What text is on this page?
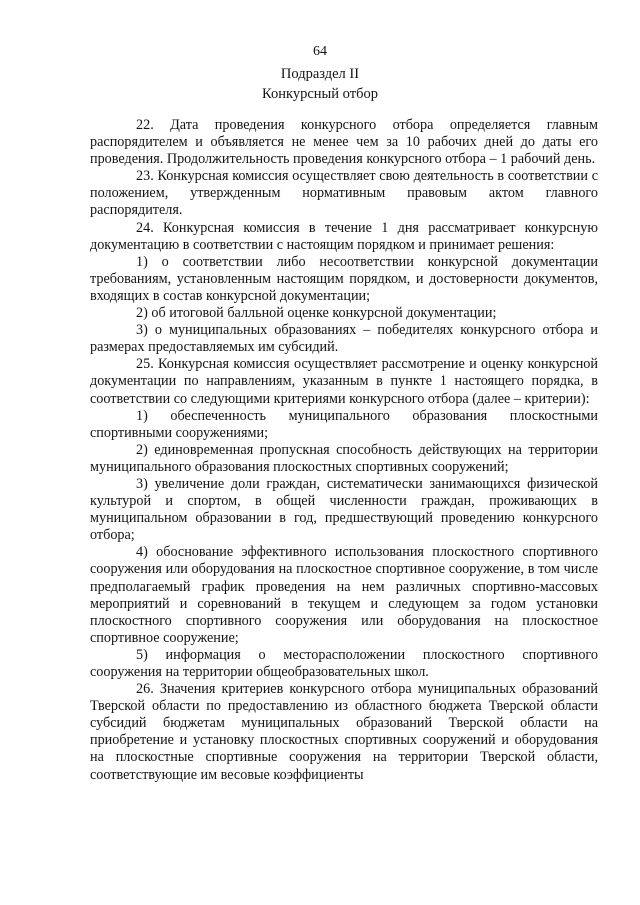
64
Подраздел II
Конкурсный отбор

22. Дата проведения конкурсного отбора определяется главным распорядителем и объявляется не менее чем за 10 рабочих дней до даты его проведения. Продолжительность проведения конкурсного отбора – 1 рабочий день.

23. Конкурсная комиссия осуществляет свою деятельность в соответствии с положением, утвержденным нормативным правовым актом главного распорядителя.

24. Конкурсная комиссия в течение 1 дня рассматривает конкурсную документацию в соответствии с настоящим порядком и принимает решения:

1) о соответствии либо несоответствии конкурсной документации требованиям, установленным настоящим порядком, и достоверности документов, входящих в состав конкурсной документации;

2) об итоговой балльной оценке конкурсной документации;

3) о муниципальных образованиях – победителях конкурсного отбора и размерах предоставляемых им субсидий.

25. Конкурсная комиссия осуществляет рассмотрение и оценку конкурсной документации по направлениям, указанным в пункте 1 настоящего порядка, в соответствии со следующими критериями конкурсного отбора (далее – критерии):

1) обеспеченность муниципального образования плоскостными спортивными сооружениями;

2) единовременная пропускная способность действующих на территории муниципального образования плоскостных спортивных сооружений;

3) увеличение доли граждан, систематически занимающихся физической культурой и спортом, в общей численности граждан, проживающих в муниципальном образовании в год, предшествующий проведению конкурсного отбора;

4) обоснование эффективного использования плоскостного спортивного сооружения или оборудования на плоскостное спортивное сооружение, в том числе предполагаемый график проведения на нем различных спортивно-массовых мероприятий и соревнований в текущем и следующем за годом установки плоскостного спортивного сооружения или оборудования на плоскостное спортивное сооружение;

5) информация о месторасположении плоскостного спортивного сооружения на территории общеобразовательных школ.

26. Значения критериев конкурсного отбора муниципальных образований Тверской области по предоставлению из областного бюджета Тверской области субсидий бюджетам муниципальных образований Тверской области на приобретение и установку плоскостных спортивных сооружений и оборудования на плоскостные спортивные сооружения на территории Тверской области, соответствующие им весовые коэффициенты
